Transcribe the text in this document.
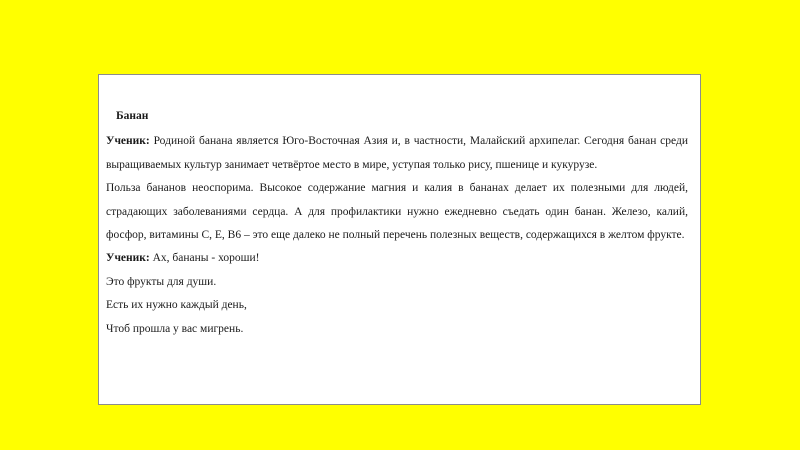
Банан

Ученик: Родиной банана является Юго-Восточная Азия и, в частности, Малайский архипелаг. Сегодня банан среди выращиваемых культур занимает четвёртое место в мире, уступая только рису, пшенице и кукурузе.

Польза бананов неоспорима. Высокое содержание магния и калия в бананах делает их полезными для людей, страдающих заболеваниями сердца. А для профилактики нужно ежедневно съедать один банан. Железо, калий, фосфор, витамины С, Е, В6 – это еще далеко не полный перечень полезных веществ, содержащихся в желтом фрукте.

Ученик: Ах, бананы - хороши!

Это фрукты для души.

Есть их нужно каждый день,

Чтоб прошла у вас мигрень.
